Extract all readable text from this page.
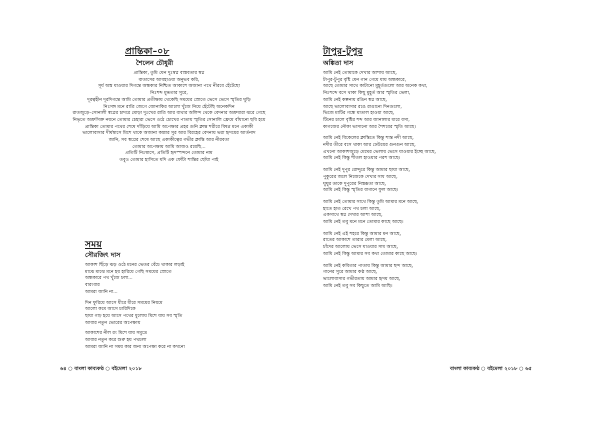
প্রান্তিকা–০৮
শৈলেন চৌধুরী

প্রান্তিকা, তুমি যেন দুঃস্বপ্ন বাস্তবতার স্বপ্ন

বাতাসের আবহাওয়া অনুভব করি,

সূর্য অস্ত যাওয়ার দিগন্তে অন্ধকার নিশ্চিত আকাশে অজানা পথে নীরবে হেঁটেছো

নিঃশব্দ মুগ্ধতার সুরে,

দূরত্বহীন দূরদিগন্তে আমি তোমার প্রতীক্ষায় থেকেছি সময়ের স্রোতে ভেসে ভেসে স্মৃতির ঘুড়ি

নিঃসঙ্গ মনে রাত্রি জেগে জোনাকির আলো খুঁজে নিয়ে হেঁটেছি অনেকদিন

রাতজুড়ে–সোনালী স্বপ্নের চাদরে মোড়া দুঃখের রাত্রি আর ব্যথার অলিন্দ থেকে বেদনার অশ্রুধারা ঝরে গেছে

নিভৃতে অশ্রুসিক্ত নয়নে তোমার চেহারা ভেসে ওঠে চোখের পাতায় স্মৃতির সোনালি ফ্রেমে বাঁধানো ছবি হয়ে

প্রান্তিকা তোমার পথের শেষে দাঁড়িয়ে আমি অপেক্ষার প্রহর গুনি ক্লান্ত শরীরে বিষণ্ণ মনে একাকী

ভালোবাসার দীর্ঘশ্বাসে মিশে থাকে অজানা কান্নার সুর আর বিরহের বেদনায় ভরা হৃদয়ের আর্তনাদ

জানি, সব স্বপ্নের শেষে আছে একাকীত্বের গভীর ক্লান্তি আর নীরবতা

তোমার অপেক্ষায় আমি আজও রয়েছি...

প্রতিটি নিঃশ্বাসে, প্রতিটি হৃদস্পন্দনে তোমার নাম

তবুও তোমার হাসিতে যদি এক ফোঁটা শান্তির ছোঁয়া পাই

সময়
সৌরজিৎ দাস

আকাশ ছিঁড়ে ঝড় ওঠে মনের ভেতর বেঁচে থাকার লড়াই

মাঝে মাঝে মনে হয় হারিয়ে গেছি সময়ের স্রোতে

অন্ধকারে পথ খুঁজে চলা...

বারংবার

আমরা জানি না...

দিন ফুরিয়ে আসে ধীরে ধীরে সময়ের নিয়মে

আলো কমে আসে চারিদিকে

ছায়া গাঢ় হয়ে আসে পথের ধুলোয় মিশে যায় সব স্মৃতি

আবার নতুন ভোরের অপেক্ষায়

আকাশের নীল রং মিশে যায় সমুদ্রে

আবার নতুন করে শুরু হয় পথচলা

আমরা জানি না সময় কার জন্য অপেক্ষা করে না কখনো

৬৪ ○ বাংলা কাব্যকণ্ঠ ○ বইমেলা ২০১৮
টাপুর-টুপুর
অঙ্কিতা দাস

আমি নেই তোমাকে দেখার আশায় আছে,

টাপুর-টুপুর বৃষ্টি যেন গান গেয়ে যায় অন্ধকারে,

আছে তোমার সাথে কাটানো মুহূর্তগুলো আর অনেক কথা,

নিঃশব্দে বসে থাকা কিছু মুহূর্ত আর স্মৃতির ভেলা,

আমি নেই কল্পনায় রঙিন স্বপ্ন আছে,

আছে ভালোবাসার রঙে রাঙানো দিনগুলো,

ভিজে মাটির গন্ধে মাতাল হাওয়া আছে,

টিনের চালে বৃষ্টির শব্দ আর জানালার ধারে বসা,

কাগজের নৌকা ভাসানো আর শৈশবের স্মৃতি আছে।

আমি নেই বিকেলের ক্লান্তিতে কিন্তু শান্ত নদী আছে,

নদীর তীরে বসে থাকা আর ঢেউয়ের গুনগুন আছে,

এখনো আকাশজুড়ে মেঘের ভেলায় ভেসে যাওয়ার ইচ্ছে আছে,

আমি নেই কিন্তু শীতল হাওয়ার পরশ আছে।

আমি নেই দুপুর রোদ্দুরে কিন্তু আমার ছায়া আছে,

পুকুরের জলে নিজেকে দেখার সাধ আছে,

ঘুঘুর ডাকে দুপুরের নিস্তব্ধতা আছে,

আমি নেই কিন্তু স্মৃতির বাগানে ফুল আছে।

আমি নেই তোমার সাথে কিন্তু তুমি আমার মনে আছে,

হাতে হাত রেখে পথ চলা আছে,

একসাথে স্বপ্ন দেখার আশা আছে,

আমি নেই তবু মনে মনে তোমার কাছে আছে।

আমি নেই এই শহরে কিন্তু আমার মন আছে,

রাতের আকাশে তারার মেলা আছে,

চাঁদের আলোয় ভেসে যাওয়ার সাধ আছে,

আমি নেই কিন্তু আমার সব কথা তোমার কাছে আছে।

আমি নেই কবিতার পাতায় কিন্তু আমার ছন্দ আছে,

গানের সুরে আমার কণ্ঠ আছে,

ভালোবাসার গভীরতায় আমার হৃদয় আছে,

আমি নেই তবু সব কিছুতে আমি আছি।

বাংলা কাব্যকণ্ঠ ○ বইমেলা ২০১৮ ○ ৬৫
